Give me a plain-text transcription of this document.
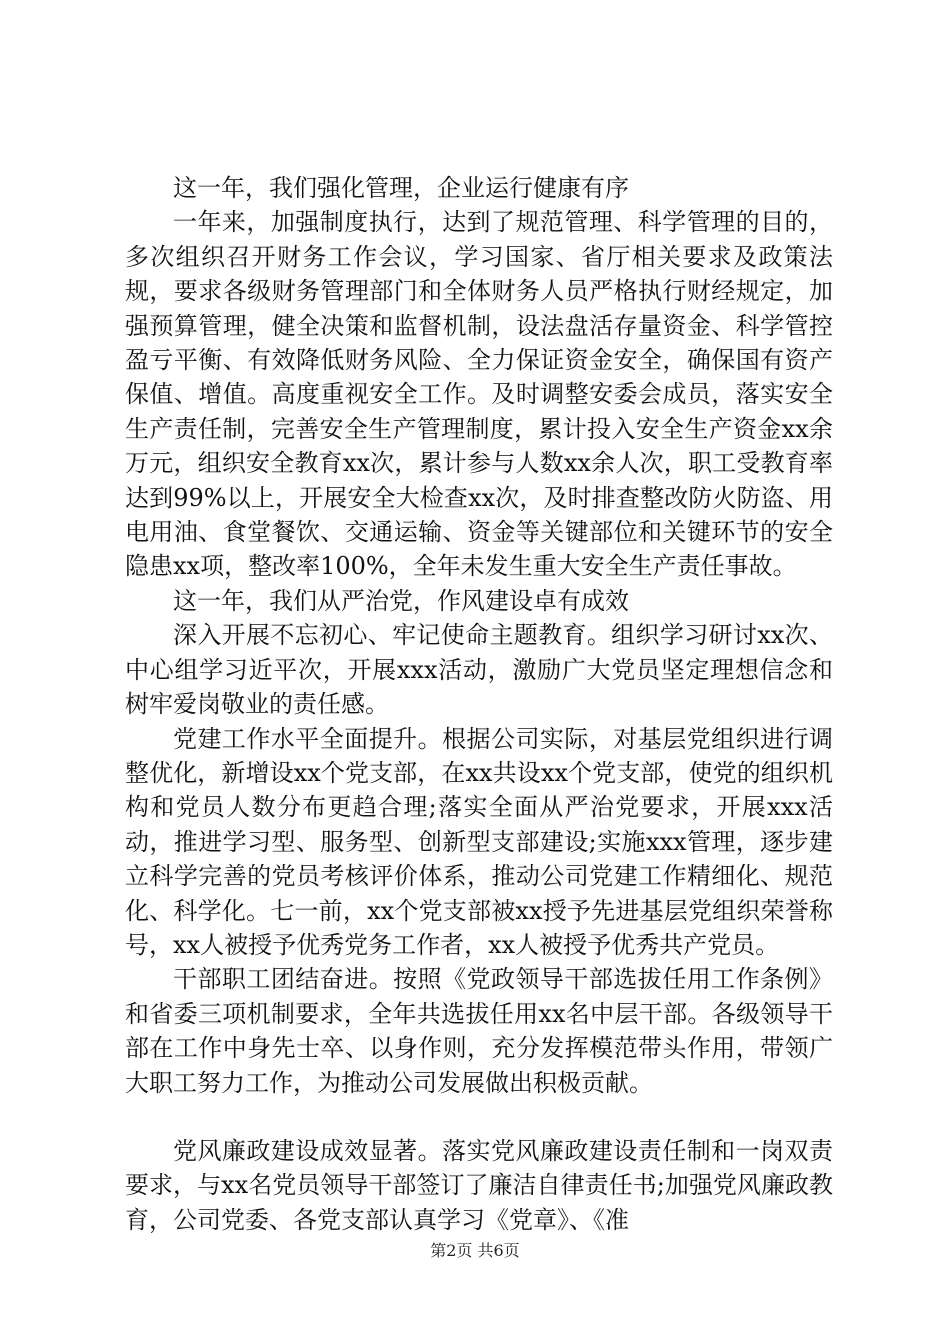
这一年，我们强化管理，企业运行健康有序

一年来，加强制度执行，达到了规范管理、科学管理的目的，多次组织召开财务工作会议，学习国家、省厅相关要求及政策法规，要求各级财务管理部门和全体财务人员严格执行财经规定，加强预算管理，健全决策和监督机制，设法盘活存量资金、科学管控盈亏平衡、有效降低财务风险、全力保证资金安全，确保国有资产保值、增值。高度重视安全工作。及时调整安委会成员，落实安全生产责任制，完善安全生产管理制度，累计投入安全生产资金xx余万元，组织安全教育xx次，累计参与人数xx余人次，职工受教育率达到99%以上，开展安全大检查xx次，及时排查整改防火防盗、用电用油、食堂餐饮、交通运输、资金等关键部位和关键环节的安全隐患xx项，整改率100%，全年未发生重大安全生产责任事故。

这一年，我们从严治党，作风建设卓有成效

深入开展不忘初心、牢记使命主题教育。组织学习研讨xx次、中心组学习近平次，开展xxx活动，激励广大党员坚定理想信念和树牢爱岗敬业的责任感。

党建工作水平全面提升。根据公司实际，对基层党组织进行调整优化，新增设xx个党支部，在xx共设xx个党支部，使党的组织机构和党员人数分布更趋合理;落实全面从严治党要求，开展xxx活动，推进学习型、服务型、创新型支部建设;实施xxx管理，逐步建立科学完善的党员考核评价体系，推动公司党建工作精细化、规范化、科学化。七一前，xx个党支部被xx授予先进基层党组织荣誉称号，xx人被授予优秀党务工作者，xx人被授予优秀共产党员。

干部职工团结奋进。按照《党政领导干部选拔任用工作条例》和省委三项机制要求，全年共选拔任用xx名中层干部。各级领导干部在工作中身先士卒、以身作则，充分发挥模范带头作用，带领广大职工努力工作，为推动公司发展做出积极贡献。

党风廉政建设成效显著。落实党风廉政建设责任制和一岗双责要求，与xx名党员领导干部签订了廉洁自律责任书;加强党风廉政教育，公司党委、各党支部认真学习《党章》、《准

第2页 共6页
